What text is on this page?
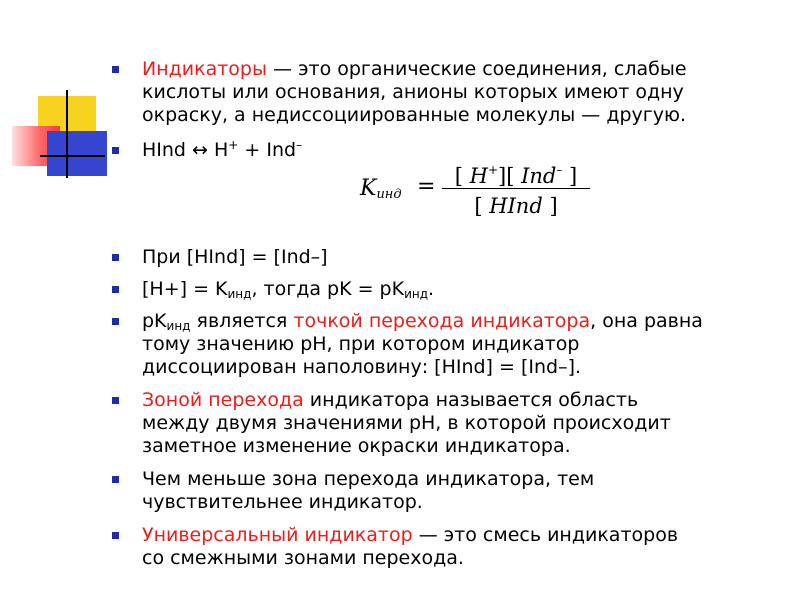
Индикаторы — это органические соединения, слабые кислоты или основания, анионы которых имеют одну окраску, а недиссоциированные молекулы — другую.
HInd ↔ H+ + Ind–
$K_{инд}$ = [ H+][ Ind– ]
[ HInd ]
При [HInd] = [Ind–]
$[H+] = K_{инд}$, тогда pK = $pK_{инд}$.
$pK_{инд}$ является точкой перехода индикатора, она равна тому значению pH, при котором индикатор диссоциирован наполовину: [HInd] = [Ind–].
Зоной перехода индикатора называется область между двумя значениями pH, в которой происходит заметное изменение окраски индикатора.
Чем меньше зона перехода индикатора, тем чувствительнее индикатор.
Универсальный индикатор — это смесь индикаторов со смежными зонами перехода.
